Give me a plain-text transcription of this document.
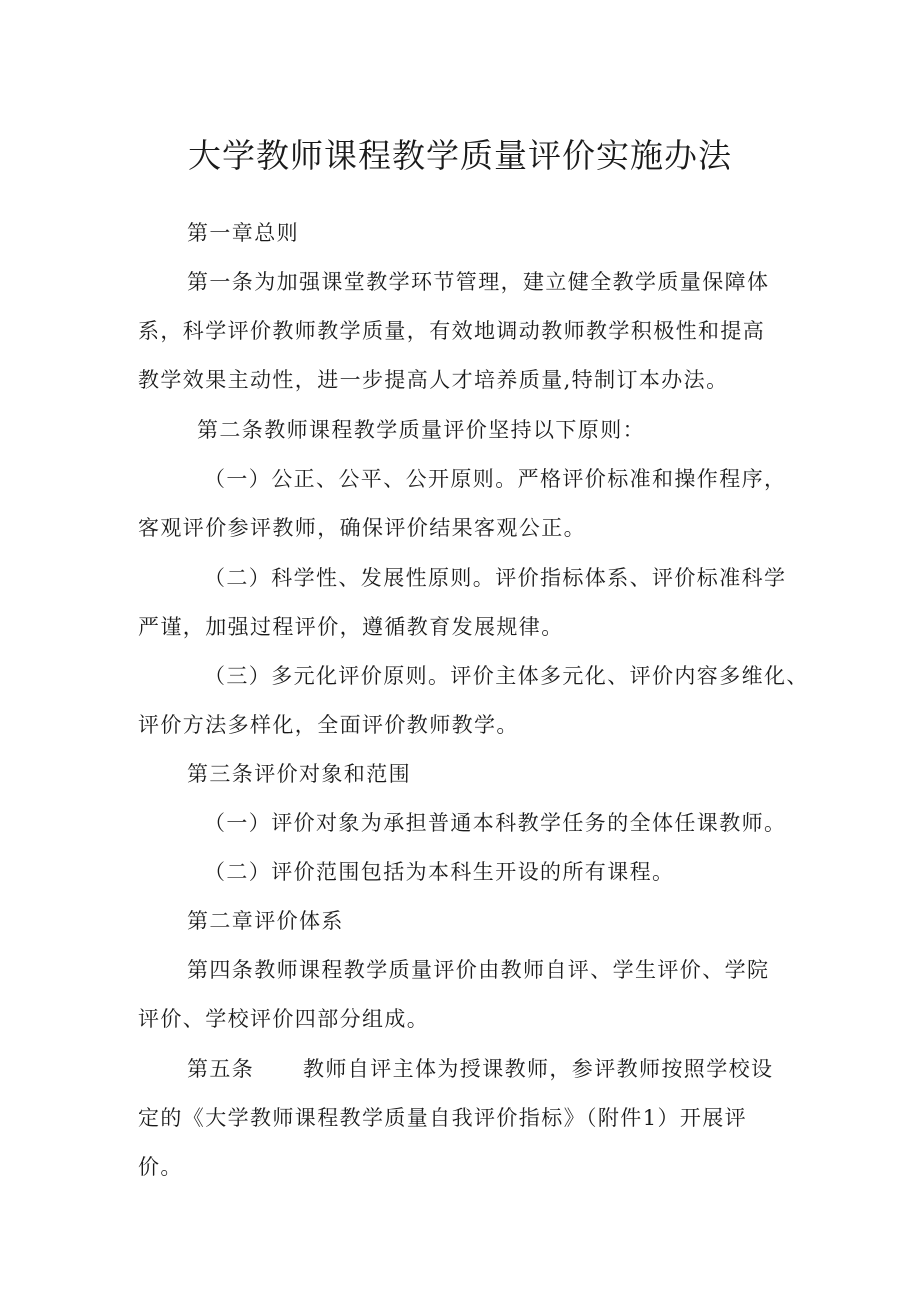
大学教师课程教学质量评价实施办法
第一章总则
第一条为加强课堂教学环节管理，建立健全教学质量保障体
系，科学评价教师教学质量，有效地调动教师教学积极性和提高
教学效果主动性，进一步提高人才培养质量,特制订本办法。
第二条教师课程教学质量评价坚持以下原则：
（一）公正、公平、公开原则。严格评价标准和操作程序，
客观评价参评教师，确保评价结果客观公正。
（二）科学性、发展性原则。评价指标体系、评价标准科学
严谨，加强过程评价，遵循教育发展规律。
（三）多元化评价原则。评价主体多元化、评价内容多维化、
评价方法多样化，全面评价教师教学。
第三条评价对象和范围
（一）评价对象为承担普通本科教学任务的全体任课教师。
（二）评价范围包括为本科生开设的所有课程。
第二章评价体系
第四条教师课程教学质量评价由教师自评、学生评价、学院
评价、学校评价四部分组成。
第五条 教师自评主体为授课教师，参评教师按照学校设
定的《大学教师课程教学质量自我评价指标》（附件1）开展评
价。
